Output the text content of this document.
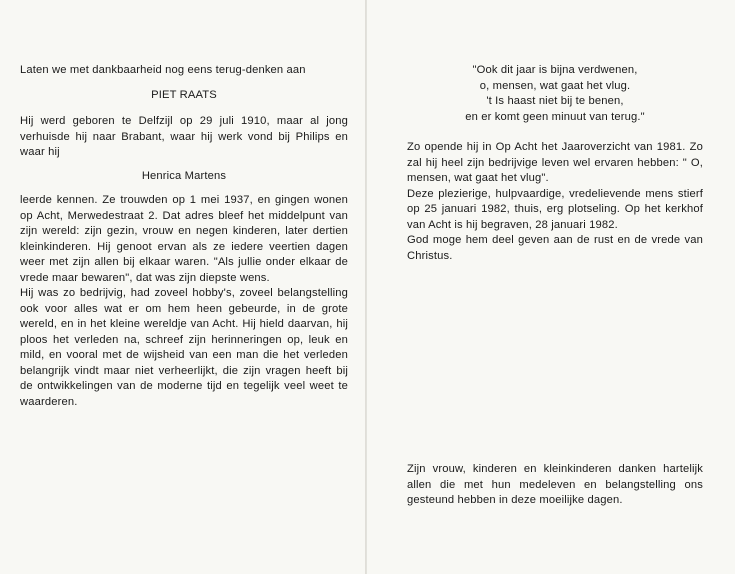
Laten we met dankbaarheid nog eens terug-denken aan

PIET RAATS

Hij werd geboren te Delfzijl op 29 juli 1910, maar al jong verhuisde hij naar Brabant, waar hij werk vond bij Philips en waar hij

Henrica Martens

leerde kennen. Ze trouwden op 1 mei 1937, en gingen wonen op Acht, Merwedestraat 2. Dat adres bleef het middelpunt van zijn wereld: zijn gezin, vrouw en negen kinderen, later dertien kleinkinderen. Hij genoot ervan als ze iedere veertien dagen weer met zijn allen bij elkaar waren. "Als jullie onder elkaar de vrede maar bewaren", dat was zijn diepste wens.

Hij was zo bedrijvig, had zoveel hobby's, zoveel belangstelling ook voor alles wat er om hem heen gebeurde, in de grote wereld, en in het kleine wereldje van Acht. Hij hield daarvan, hij ploos het verleden na, schreef zijn herinneringen op, leuk en mild, en vooral met de wijsheid van een man die het verleden belangrijk vindt maar niet verheerlijkt, die zijn vragen heeft bij de ontwikkelingen van de moderne tijd en tegelijk veel weet te waarderen.

"Ook dit jaar is bijna verdwenen,
o, mensen, wat gaat het vlug.
't Is haast niet bij te benen,
en er komt geen minuut van terug."

Zo opende hij in Op Acht het Jaaroverzicht van 1981. Zo zal hij heel zijn bedrijvige leven wel ervaren hebben: " O, mensen, wat gaat het vlug".

Deze plezierige, hulpvaardige, vredelievende mens stierf op 25 januari 1982, thuis, erg plotseling. Op het kerkhof van Acht is hij begraven, 28 januari 1982.

God moge hem deel geven aan de rust en de vrede van Christus.

Zijn vrouw, kinderen en kleinkinderen danken hartelijk allen die met hun medeleven en belangstelling ons gesteund hebben in deze moeilijke dagen.
